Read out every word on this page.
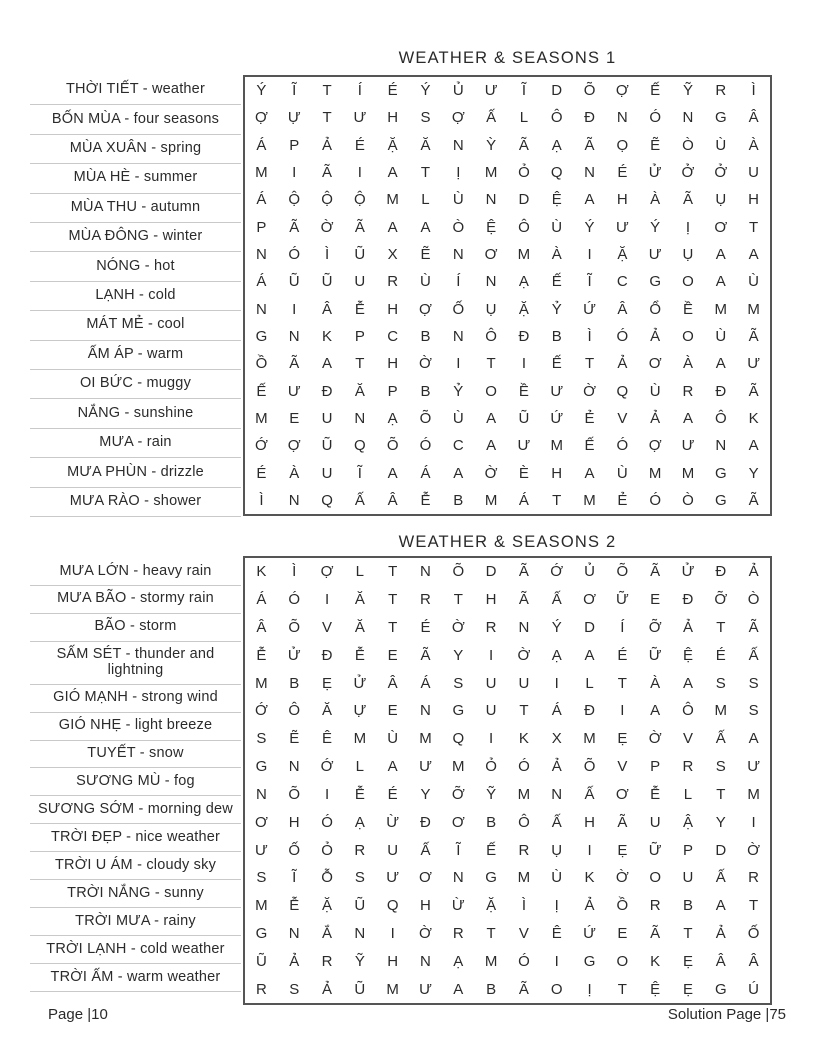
WEATHER & SEASONS 1
THỜI TIẾT - weather
BỐN MÙA - four seasons
MÙA XUÂN - spring
MÙA HÈ - summer
MÙA THU - autumn
MÙA ĐÔNG - winter
NÓNG - hot
LẠNH - cold
MÁT MẺ - cool
ẤM ÁP - warm
OI BỨC - muggy
NẮNG - sunshine
MƯA - rain
MƯA PHÙN - drizzle
MƯA RÀO - shower
Ý	Ĩ	T	Í	É	Ý	Ủ	Ư	Ĩ	D	Õ	Ợ	Ế	Ỹ	R	Ì
Ợ	Ự	T	Ư	H	S	Ợ	Ấ	L	Ô	Đ	N	Ó	N	G	Â
Á	P	Ả	É	Ặ	Ă	N	Ỳ	Ã	Ạ	Ã	Ọ	Ẽ	Ò	Ù	À
M	I	Ã	I	A	T	Ị	M	Ỏ	Q	N	É	Ử	Ở	Ở	U
Á	Ộ	Ộ	Ộ	M	L	Ù	N	D	Ệ	A	H	À	Ã	Ụ	H
P	Ã	Ờ	Ã	A	A	Ò	Ệ	Ô	Ù	Ý	Ư	Ý	Ị	Ơ	T
N	Ó	Ì	Ũ	X	Ẽ	N	Ơ	M	À	I	Ặ	Ư	Ụ	A	A
Á	Ũ	Ũ	U	R	Ù	Í	N	Ạ	Ế	Ĩ	C	G	O	A	Ù
N	I	Â	Ễ	H	Ợ	Ố	Ụ	Ặ	Ỷ	Ứ	Â	Ổ	Ề	M	M
G	N	K	P	C	B	N	Ô	Đ	B	Ì	Ó	Ả	O	Ù	Ã
Ồ	Ã	A	T	H	Ờ	I	T	I	Ế	T	Ả	Ơ	À	A	Ư
Ế	Ư	Đ	Ă	P	B	Ỷ	O	Ề	Ư	Ờ	Q	Ù	R	Đ	Ã
M	E	U	N	Ạ	Õ	Ù	A	Ũ	Ứ	Ẻ	V	Ả	A	Ô	K
Ớ	Ợ	Ũ	Q	Õ	Ó	C	A	Ư	M	Ế	Ó	Ợ	Ư	N	A
É	À	U	Ĩ	A	Á	A	Ờ	È	H	A	Ù	M	M	G	Y
Ì	N	Q	Ấ	Â	Ễ	B	M	Á	T	M	Ẻ	Ó	Ò	G	Ã
WEATHER & SEASONS 2
MƯA LỚN - heavy rain
MƯA BÃO - stormy rain
BÃO - storm
SẤM SÉT - thunder and lightning
GIÓ MẠNH - strong wind
GIÓ NHẸ - light breeze
TUYẾT - snow
SƯƠNG MÙ - fog
SƯƠNG SỚM - morning dew
TRỜI ĐẸP - nice weather
TRỜI U ÁM - cloudy sky
TRỜI NẮNG - sunny
TRỜI MƯA - rainy
TRỜI LẠNH - cold weather
TRỜI ẤM - warm weather
K	Ì	Ợ	L	T	N	Õ	D	Ã	Ớ	Ủ	Õ	Ã	Ử	Đ	Ả
Á	Ó	I	Ă	T	R	T	H	Ã	Ấ	Ơ	Ữ	E	Đ	Ỡ	Ò
Â	Õ	V	Ă	T	É	Ờ	R	N	Ý	D	Í	Ỡ	Ả	T	Ã
Ễ	Ử	Đ	Ễ	E	Ã	Y	I	Ờ	Ạ	A	É	Ữ	Ệ	É	Ấ
M	B	Ẹ	Ử	Â	Á	S	U	U	I	L	T	À	A	S	S
Ớ	Ô	Ă	Ự	E	N	G	U	T	Á	Đ	I	A	Ô	M	S
S	Ẽ	Ê	M	Ù	M	Q	I	K	X	M	Ẹ	Ờ	V	Ấ	A
G	N	Ớ	L	A	Ư	M	Ỏ	Ó	Ả	Õ	V	P	R	S	Ư
N	Õ	I	Ễ	É	Y	Ỡ	Ỹ	M	N	Ấ	Ơ	Ễ	L	T	M
Ơ	H	Ó	Ạ	Ừ	Đ	Ơ	B	Ô	Ấ	H	Ã	U	Ậ	Y	I
Ư	Ố	Ỏ	R	U	Ấ	Ĩ	Ế	R	Ụ	I	Ẹ	Ữ	P	D	Ờ
S	Ĩ	Ỗ	S	Ư	Ơ	N	G	M	Ù	K	Ờ	O	U	Ấ	R
M	Ễ	Ặ	Ũ	Q	H	Ừ	Ặ	Ì	Ị	Ả	Ồ	R	B	A	T
G	N	Ắ	N	I	Ờ	R	T	V	Ê	Ứ	E	Ã	T	Ả	Ố
Ũ	Ả	R	Ỹ	H	N	Ạ	M	Ó	I	G	O	K	Ẹ	Â	Â
R	S	Ả	Ũ	M	Ư	A	B	Ã	O	Ị	T	Ệ	Ẹ	G	Ú
Page |10	Solution Page |75
